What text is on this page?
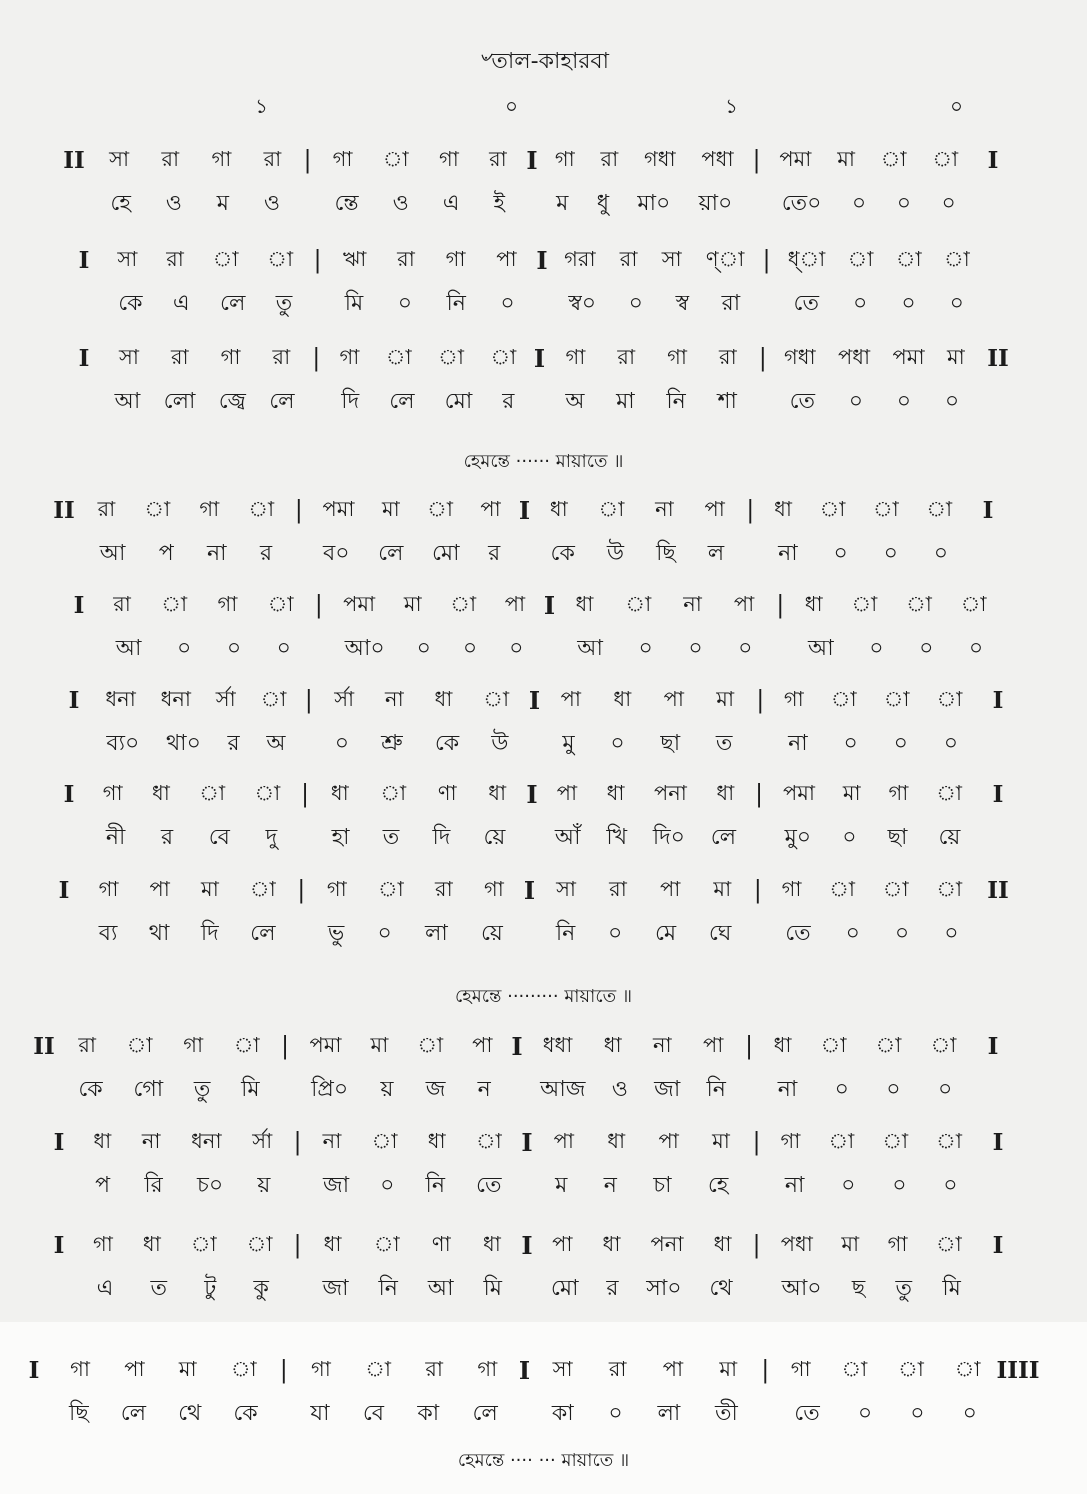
৺তাল-কাহারবা
১	০	১	০
II	সা রা গা রা | গা া গা রা I গা রা গধা পধা | পমা মা া া	I
হে ও ম ও ন্তে ও এ ই ম ধু মা০ য়া০ তে০ ০ ০ ০
I	সা রা া া | ঋা রা গা পা I গরা রা সা ণ্া | ধ্া া া া
কে এ লে তু মি ০ নি ০ স্ব০ ০ স্ব রা তে ০ ০ ০
I	সা রা গা রা | গা া া া I গা রা গা রা | গধা পধা পমা মা II
আ লো জ্বে লে দি লে মো র অ মা নি শা তে ০ ০ ০
II	রা া গা া | পমা মা া পা I ধা া না পা | ধা া া া	I
আ প না র ব০ লে মো র কে উ ছি ল না ০ ০ ০
I	রা া গা া | পমা মা া পা I ধা া না পা | ধা া া া
আ ০ ০ ০ আ০ ০ ০ ০ আ ০ ০ ০	আ ০ ০ ০
I	ধনা ধনা র্সা া | র্সা না ধা া I পা ধা পা মা | গা া া া	I
ব্য০ থা০ র অ ০ শ্রু কে উ মু ০ ছা ত	না ০ ০ ০
I	গা ধা া া | ধা া ণা ধা I পা ধা পনা ধা | পমা মা গা া	I
নী র বে দু হা ত দি য়ে আঁ খি দি০ লে মু০ ০ ছা য়ে
I	গা পা মা া | গা া রা গা I সা রা পা মা | গা া া া	II
ব্য থা দি লে ভু ০ লা য়ে নি ০ মে ঘে তে ০ ০ ০
II	রা া গা া | পমা মা া পা I ধধা ধা না পা | ধা া া া	I
কে গো তু মি প্রি০ য় জ ন আজ ও জা নি না ০ ০ ০
I	ধা না ধনা র্সা | না া ধা া I পা ধা পা মা | গা া া া	I
প রি চ০ য় জা ০ নি তে ম ন চা হে	না ০ ০ ০
I	গা ধা া া | ধা া ণা ধা I পা ধা পনা ধা | পধা মা গা া	I
এ ত টু কু জা নি আ মি মো র সা০ থে আ০ ছ তু মি
I	গা পা মা া | গা া রা গা I সা রা পা মা | গা া া া IIII
ছি লে থে কে যা বে কা লে কা ০ লা তী	তে ০ ০ ০
হেমন্তে ······ মায়াতে ॥
হেমন্তে ········· মায়াতে ॥
হেমন্তে ···· ··· মায়াতে ॥
